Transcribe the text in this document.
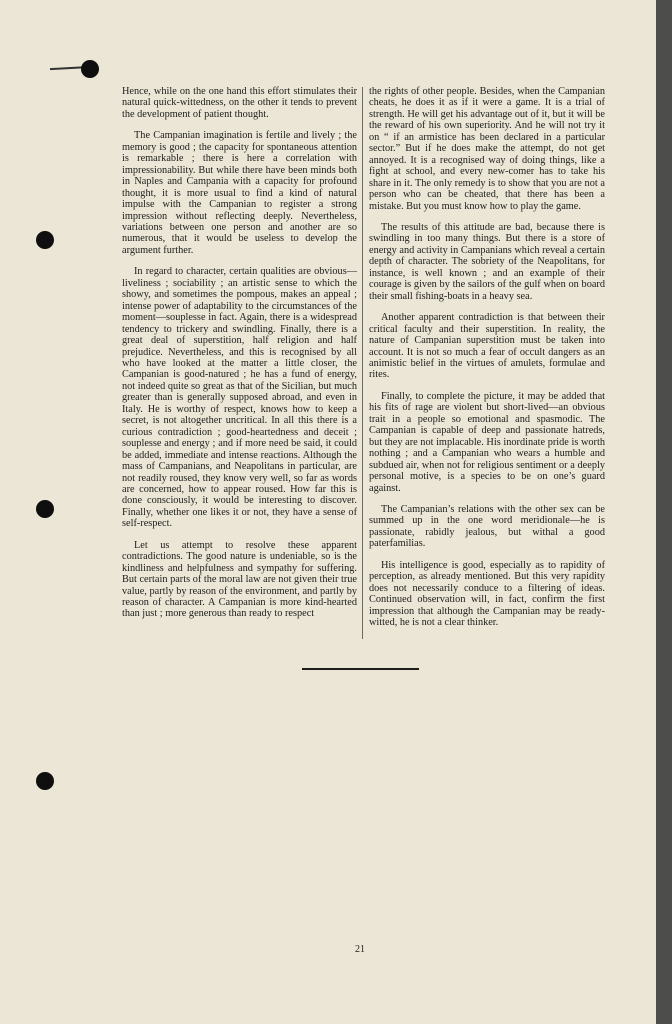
Hence, while on the one hand this effort stimulates their natural quick-wittedness, on the other it tends to prevent the development of patient thought.

The Campanian imagination is fertile and lively ; the memory is good ; the capacity for spontaneous attention is remarkable ; there is here a correlation with impressionability. But while there have been minds both in Naples and Campania with a capacity for profound thought, it is more usual to find a kind of natural impulse with the Campanian to register a strong impression without reflecting deeply. Nevertheless, variations between one person and another are so numerous, that it would be useless to develop the argument further.

In regard to character, certain qualities are obvious—liveliness ; sociability ; an artistic sense to which the showy, and sometimes the pompous, makes an appeal ; intense power of adaptability to the circumstances of the moment—souplesse in fact. Again, there is a widespread tendency to trickery and swindling. Finally, there is a great deal of superstition, half religion and half prejudice. Nevertheless, and this is recognised by all who have looked at the matter a little closer, the Campanian is good-natured ; he has a fund of energy, not indeed quite so great as that of the Sicilian, but much greater than is generally supposed abroad, and even in Italy. He is worthy of respect, knows how to keep a secret, is not altogether uncritical. In all this there is a curious contradiction ; good-heartedness and deceit ; souplesse and energy ; and if more need be said, it could be added, immediate and intense reactions. Although the mass of Campanians, and Neapolitans in particular, are not readily roused, they know very well, so far as words are concerned, how to appear roused. How far this is done consciously, it would be interesting to discover. Finally, whether one likes it or not, they have a sense of self-respect.

Let us attempt to resolve these apparent contradictions. The good nature is undeniable, so is the kindliness and helpfulness and sympathy for suffering. But certain parts of the moral law are not given their true value, partly by reason of the environment, and partly by reason of character. A Campanian is more kind-hearted than just ; more generous than ready to respect

the rights of other people. Besides, when the Campanian cheats, he does it as if it were a game. It is a trial of strength. He will get his advantage out of it, but it will be the reward of his own superiority. And he will not try it on “ if an armistice has been declared in a particular sector.” But if he does make the attempt, do not get annoyed. It is a recognised way of doing things, like a fight at school, and every new-comer has to take his share in it. The only remedy is to show that you are not a person who can be cheated, that there has been a mistake. But you must know how to play the game.

The results of this attitude are bad, because there is swindling in too many things. But there is a store of energy and activity in Campanians which reveal a certain depth of character. The sobriety of the Neapolitans, for instance, is well known ; and an example of their courage is given by the sailors of the gulf when on board their small fishing-boats in a heavy sea.

Another apparent contradiction is that between their critical faculty and their superstition. In reality, the nature of Campanian superstition must be taken into account. It is not so much a fear of occult dangers as an animistic belief in the virtues of amulets, formulae and rites.

Finally, to complete the picture, it may be added that his fits of rage are violent but short-lived—an obvious trait in a people so emotional and spasmodic. The Campanian is capable of deep and passionate hatreds, but they are not implacable. His inordinate pride is worth nothing ; and a Campanian who wears a humble and subdued air, when not for religious sentiment or a deeply personal motive, is a species to be on one’s guard against.

The Campanian’s relations with the other sex can be summed up in the one word meridionale—he is passionate, rabidly jealous, but withal a good paterfamilias.

His intelligence is good, especially as to rapidity of perception, as already mentioned. But this very rapidity does not necessarily conduce to a filtering of ideas. Continued observation will, in fact, confirm the first impression that although the Campanian may be ready-witted, he is not a clear thinker.

21
